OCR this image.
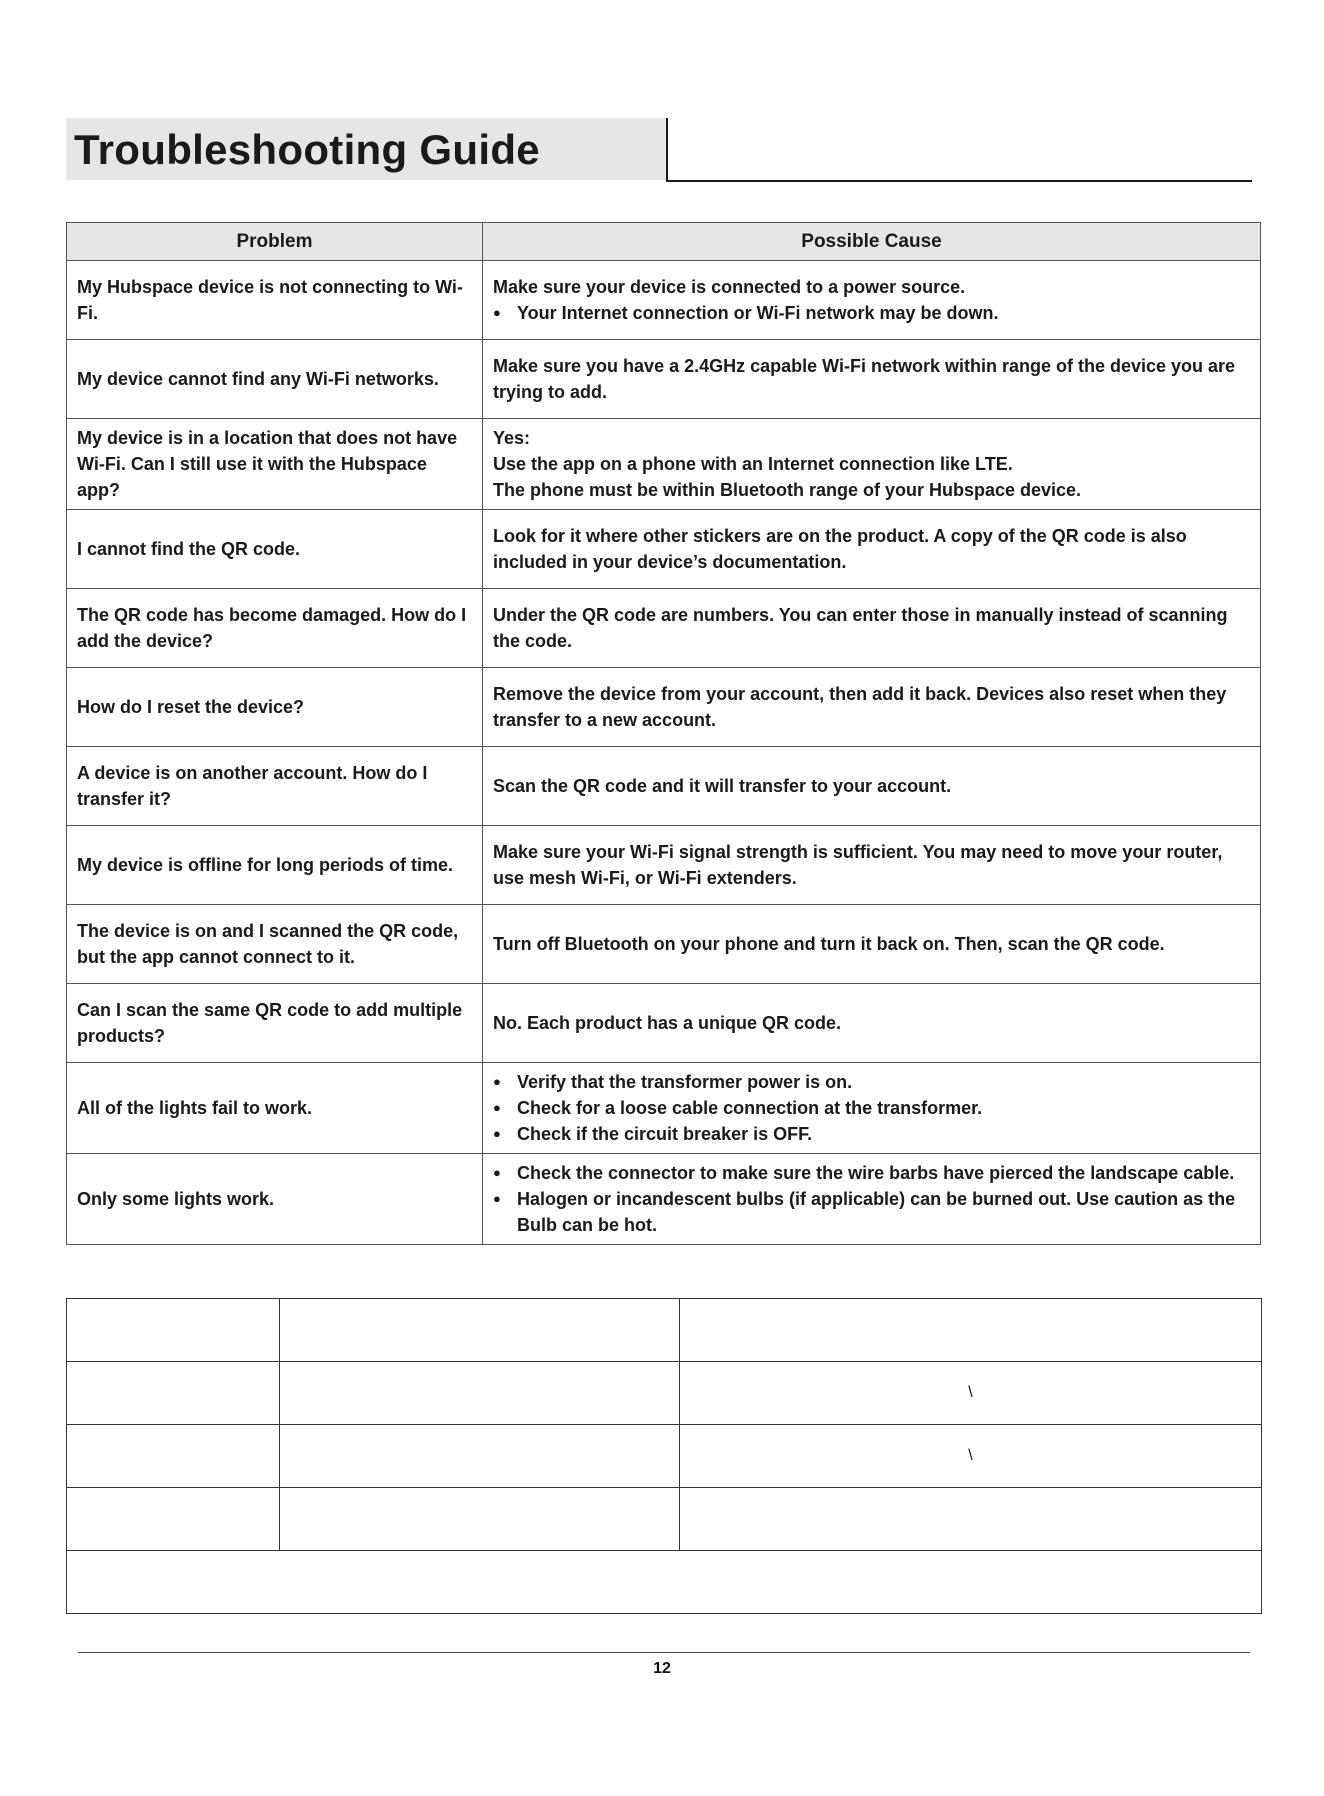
Troubleshooting Guide
Problem	Possible Cause
My Hubspace device is not connecting to Wi-Fi.	Make sure your device is connected to a power source.
● Your Internet connection or Wi-Fi network may be down.

My device cannot find any Wi-Fi networks.	Make sure you have a 2.4GHz capable Wi-Fi network within range of the device you are trying to add.

My device is in a location that does not have Wi-Fi. Can I still use it with the Hubspace app?	Yes:
Use the app on a phone with an Internet connection like LTE.
The phone must be within Bluetooth range of your Hubspace device.

I cannot find the QR code.	Look for it where other stickers are on the product. A copy of the QR code is also included in your device’s documentation.

The QR code has become damaged. How do I add the device?	Under the QR code are numbers. You can enter those in manually instead of scanning the code.

How do I reset the device?	Remove the device from your account, then add it back. Devices also reset when they transfer to a new account.

A device is on another account. How do I transfer it?	Scan the QR code and it will transfer to your account.

My device is offline for long periods of time.	Make sure your Wi-Fi signal strength is sufficient. You may need to move your router, use mesh Wi-Fi, or Wi-Fi extenders.

The device is on and I scanned the QR code, but the app cannot connect to it.	Turn off Bluetooth on your phone and turn it back on. Then, scan the QR code.

Can I scan the same QR code to add multiple products?	No. Each product has a unique QR code.

All of the lights fail to work.	● Verify that the transformer power is on.
● Check for a loose cable connection at the transformer.
● Check if the circuit breaker is OFF.

Only some lights work.	● Check the connector to make sure the wire barbs have pierced the landscape cable.
● Halogen or incandescent bulbs (if applicable) can be burned out. Use caution as the Bulb can be hot.

		\
		\

12
